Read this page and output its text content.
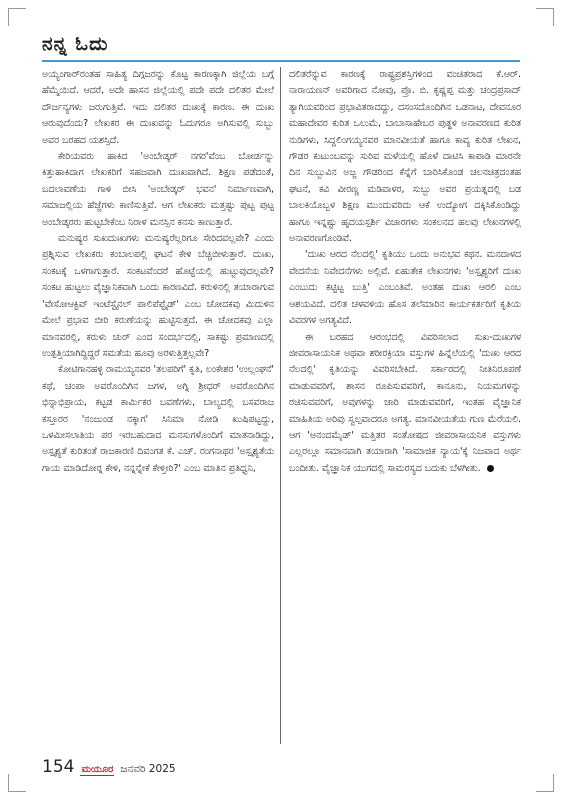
ನನ್ನ ಓದು

ಅಯ್ಯಂಗಾರ್‌ರಂತಹ ಸಾಹಿತ್ಯ ದಿಗ್ಗಜರನ್ನು ಕೊಟ್ಟ ಕಾರಣಕ್ಕಾಗಿ ಜಿಲ್ಲೆಯ ಬಗ್ಗೆ ಹೆಮ್ಮೆಯಿದೆ. ಆದರೆ, ಅದೇ ಹಾಸನ ಜಿಲ್ಲೆಯಲ್ಲಿ ಪದೇ ಪದೇ ದಲಿತರ ಮೇಲೆ ದೌರ್ಜನ್ಯಗಳು ಜರುಗುತ್ತಿವೆ. ಇದು ದಲಿತರ ದುಃಖಕ್ಕೆ ಕಾರಣ. ಈ ದುಃಖ ಆರುವುದೆಂದು? ಲೇಖಕರ ಈ ದುಃಖವನ್ನು ಓದುಗರೂ ಅಗಿಸುವಲ್ಲಿ ಸುಬ್ಬು ಅವರ ಬರಹದ ಯಶಸ್ಸಿದೆ.

ಕೇರಿಯವರು ಹಾಕಿದ 'ಅಂಬೇಡ್ಕರ್ ನಗರ'ವೆಂಬ ಬೋರ್ಡನ್ನು ಕಿತ್ತುಹಾಕಿದಾಗ ಲೇಖಕರಿಗೆ ಸಹಜವಾಗಿ ದುಃಖವಾಗಿದೆ. ಶಿಕ್ಷಣ ಪಡೆದಂತೆ, ಬದಲಾವಣೆಯ ಗಾಳಿ ಬೀಸಿ 'ಅಂಬೇಡ್ಕರ್ ಭವನ' ನಿರ್ಮಾಣವಾಗಿ, ಸಮಾಜಲ್ಲಿಯ ಹೆಜ್ಜೆಗಳು ಕಾಣಿಸುತ್ತಿವೆ. ಆಗ ಲೇಖಕರು ಮತ್ತಷ್ಟು ಪುಟ್ಟ ಪುಟ್ಟ ಅಂಬೇಡ್ಕರರು ಹುಟ್ಟಬೇಕೆಂಬ ನಿರಾಳ ಮನಸ್ಸಿನ ಕನಸು ಕಾಣುತ್ತಾರೆ.

ಮನುಷ್ಯರ ಸುಖದುಃಖಗಳು ಮನುಷ್ಯರೆಲ್ಲರಿಗೂ ಸೇರಿದವಲ್ಲವೇ? ಎಂದು ಪ್ರಶ್ನಿಸುವ ಲೇಖಕರು ಕಂಬಾಲಪಲ್ಲಿ ಘಟನೆ ಕೇಳಿ ಬೆಚ್ಚಿಬೀಳುತ್ತಾರೆ. ದುಃಖ, ಸಂಕಟಕ್ಕೆ ಒಳಗಾಗುತ್ತಾರೆ. ಸಂಕಟವೆಂದರೆ ಹೊಟ್ಟೆಯಲ್ಲಿ ಹುಟ್ಟುವುದಲ್ಲವೇ? ಸಂಕಟ ಹುಟ್ಟಲು ವೈಜ್ಞಾನಿಕವಾಗಿ ಒಂದು ಕಾರಣವಿದೆ. ಕರುಳಿನಲ್ಲಿ ತಯಾರಾಗುವ 'ವೇಸೋಆಕ್ಟಿವ್ ಇಂಟೆಸ್ಟೈನಲ್ ಪಾಲಿಪೆಪ್ಟೈಡ್' ಎಂಬ ಚೋದಕವು ಮಿದುಳಿನ ಮೇಲೆ ಪ್ರಭಾವ ಬೀರಿ ಕರುಣೆಯನ್ನು ಹುಟ್ಟಿಸುತ್ತದೆ. ಈ ಚೋದಕವು ಎಲ್ಲಾ ಮಾನವರಲ್ಲಿ, ಕರುಳು ಚುರ್ ಎಂದ ಸಂದರ್ಭದಲ್ಲಿ, ಸಾಕಷ್ಟು ಪ್ರಮಾಣದಲ್ಲಿ ಉತ್ಪತ್ತಿಯಾಗಿದ್ದಿದ್ದರೆ ಸಮತೆಯ ಹೂವು ಅರಳುತ್ತಿತ್ತಲ್ಲವೇ?

ಕೋಟಿಗಾನಹಳ್ಳಿ ರಾಮಯ್ಯನವರ 'ತಲಪರಿಗೆ' ಕೃತಿ, ಲಂಕೇಶರ 'ಉಲ್ಲಂಘನೆ' ಕಥೆ, ಚಂಪಾ ಅವರೊಂದಿಗಿನ ಜಗಳ, ಅಗ್ನಿ ಶ್ರೀಧರ್ ಅವರೊಂದಿಗಿನ ಭಿನ್ನಾಭಿಪ್ರಾಯ, ಕಟ್ಟಡ ಕಾರ್ಮಿಕರ ಬವಣೆಗಳು, ಬಾಲ್ಯದಲ್ಲಿ ಬಸವರಾಜ ಕಸ್ತೂರರ 'ನಂಜುಂಡ ನಕ್ಕಾಗ' ಸಿನಿಮಾ ನೋಡಿ ಖುಷಿಪಟ್ಟದ್ದು, ಒಳಮೀಸಲಾತಿಯ ಪರ ಇರಬಹುದಾದ ಮನಸುಗಳೊಂದಿಗೆ ಮಾತನಾಡಿದ್ದು, ಅಸ್ಪೃಶ್ಯತೆ ಕುರಿತಂತೆ ರಾಜಕಾರಣಿ ದಿವಂಗತ ಕೆ. ಎಚ್. ರಂಗನಾಥರ 'ಅಸ್ಪೃಶ್ಯತೆಯ ಗಾಯ ಮಾಡಿದೋರ್‍ನ ಕೇಳಿ, ನನ್ನನ್ನೇಕೆ ಕೇಳ್ತೀರಿ?' ಎಂಬ ಮಾತಿನ ಪ್ರತಿಧ್ವನಿ,

ದಲಿತರೆನ್ನುವ ಕಾರಣಕ್ಕೆ ರಾಷ್ಟ್ರಪ್ರಶಸ್ತಿಗಳಿಂದ ವಂಚಿತರಾದ ಕೆ.ಆರ್. ನಾರಾಯಣನ್ ಅವರಿಗಾದ ನೋವು, ಪ್ರೊ. ಬಿ. ಕೃಷ್ಣಪ್ಪ ಮತ್ತು ಚಂದ್ರಪ್ರಸಾದ್ ತ್ಯಾಗಿಯವರಿಂದ ಪ್ರಭಾವಿತರಾದದ್ದು, ದಸಂಸದೊಂದಿಗಿನ ಒಡನಾಟ, ದೇವನೂರ ಮಹಾದೇವರ ಕುರಿತ ಒಲುಮೆ, ಬಾಬಾಸಾಹೇಬರ ಪುತ್ಥಳಿ ಅನಾವರಣದ ಕುರಿತ ನುಡಿಗಳು, ಸಿದ್ದಲಿಂಗಯ್ಯನವರ ಮಾನವೀಯತೆ ಹಾಗೂ ಕಾವ್ಯ ಕುರಿತ ಲೇಖನ, ಗೌಡರ ಕುಟುಂಬವನ್ನು ಸುರಿವ ಮಳೆಯಲ್ಲಿ ಹೊಳೆ ದಾಟಿಸಿ ಕಾಪಾಡಿ ಮಾರನೇ ದಿನ ಸುಬ್ಬುವಿನ ಅಜ್ಜ ಗೌಡರಿಂದ ಕೆನ್ನೆಗೆ ಬಾರಿಸಿಕೊಂಡ ಚಲನಚಿತ್ರದಂತಹ ಘಟನೆ, ಕವಿ ವೀರಣ್ಣ ಮಡಿವಾಳರ, ಸುಬ್ಬು ಅವರ ಪ್ರಯತ್ನದಲ್ಲಿ ಬಡ ಬಾಲಕಿಯೊಬ್ಬಳ ಶಿಕ್ಷಣ ಮುಂದುವರಿದು ಆಕೆ ಉದ್ಯೋಗ ದಕ್ಕಿಸಿಕೊಂಡಿದ್ದು ಹಾಗೂ ಇನ್ನಷ್ಟು ಹೃದಯಸ್ಪರ್ಶಿ ವಿಚಾರಗಳು ಸಂಕಲನದ ಹಲವು ಲೇಖನಗಳಲ್ಲಿ ಅನಾವರಣಗೊಂಡಿವೆ.

'ದುಃಖ ಆರದ ನೆಲದಲ್ಲಿ' ಕೃತಿಯು ಒಂದು ಅನುಭವ ಕಥನ. ಮನದಾಳದ ವೇದನೆಯ ನಿವೇದನೆಗಳು ಅಲ್ಲಿವೆ. ಏಹುತೇಕ ಲೇಖನಗಳು 'ಅಸ್ಪೃಶ್ಯರಿಗೆ ದುಃಖ ಎಂಬುದು ಕಟ್ಟಿಟ್ಟ ಬುತ್ತಿ' ಎಂಬಂತಿವೆ. ಅಂತಹ ದುಃಖ ಆರಲಿ ಎಂಬ ಆಶಯವಿದೆ. ದಲಿತ ಚಳವಳಿಯ ಹೊಸ ತಲೆಮಾರಿನ ಕಾರ್ಯಕರ್ತರಿಗೆ ಕೃತಿಯ ವಿವರಗಳ ಅಗತ್ಯವಿದೆ.

ಈ ಬರಹದ ಆರಂಭದಲ್ಲಿ ವಿವರಿಸಲಾದ ಸುಖ-ದುಃಖಗಳ ಜೀವರಾಸಾಯನಿಕ ಅಥವಾ ಶರೀರಕ್ರಿಯಾ ವಸ್ತುಗಳ ಹಿನ್ನೆಲೆಯಲ್ಲಿ 'ದುಃಖ ಆರದ ನೆಲದಲ್ಲಿ' ಕೃತಿಯನ್ನು ವಿವರಿಸಬೇಕಿದೆ. ಸರ್ಕಾರದಲ್ಲಿ ನೀತಿನಿರೂಪಣೆ ಮಾಡುವವರಿಗೆ, ಶಾಸನ ರೂಪಿಸುವವರಿಗೆ, ಕಾನೂನು, ನಿಯಮಗಳನ್ನು ರಚಿಸುವವರಿಗೆ, ಅವುಗಳನ್ನು ಜಾರಿ ಮಾಡುವವರಿಗೆ, ಇಂತಹ ವೈಜ್ಞಾನಿಕ ಮಾಹಿತಿಯ ಅರಿವು ಸ್ವಲ್ಪವಾದರೂ ಅಗತ್ಯ. ಮಾನವೀಯತೆಯ ಗುಣ ಮೆರೆಯಲಿ. ಆಗ 'ಆನಂದಮೈಡ್' ಮತ್ತಿತರ ಸಂತೋಷದ ಜೀವರಾಸಾಯನಿಕ ವಸ್ತುಗಳು ಎಲ್ಲರಲ್ಲೂ ಸಮಾನವಾಗಿ ತಯಾರಾಗಿ 'ಸಾಮಾಜಿಕ ನ್ಯಾಯ'ಕ್ಕೆ ನಿಜವಾದ ಅರ್ಥ ಬಂದೀತು. ವೈಜ್ಞಾನಿಕ ಯುಗದಲ್ಲಿ ಸಾಮರಸ್ಯದ ಬದುಕು ಬೆಳಗೀತು.

154 ಮಯೂರ ಜನವರಿ 2025
